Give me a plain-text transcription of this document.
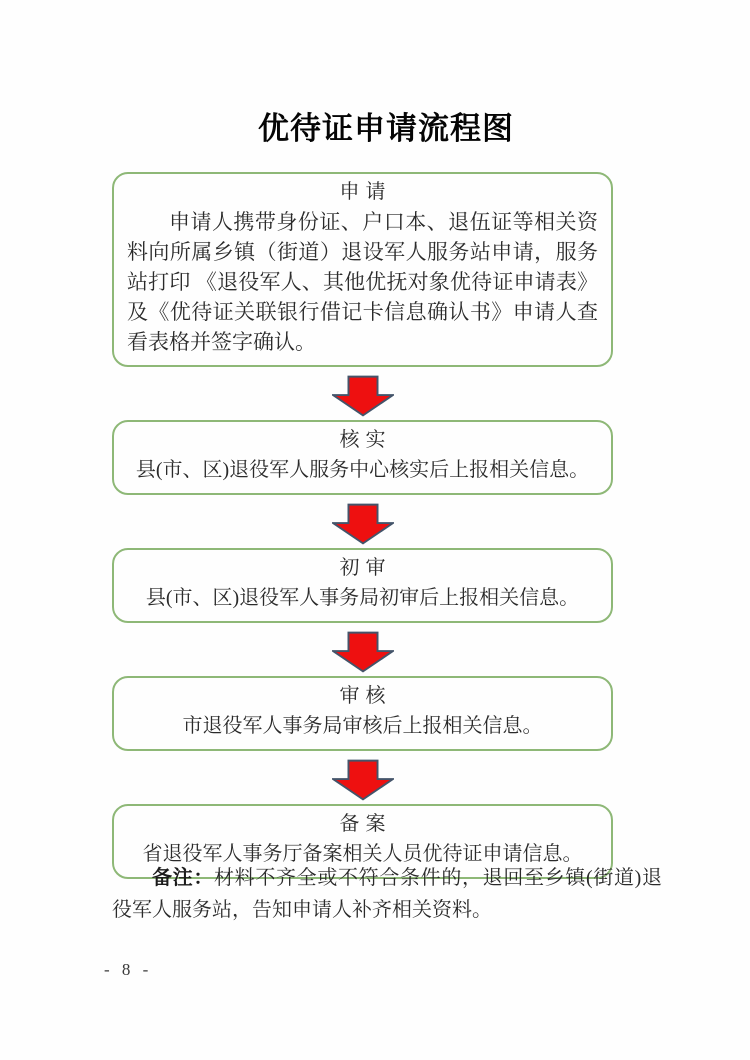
优待证申请流程图
申请

申请人携带身份证、户口本、退伍证等相关资料向所属乡镇（街道）退设军人服务站申请，服务站打印 《退役军人、其他优抚对象优待证申请表》及《优待证关联银行借记卡信息确认书》申请人查看表格并签字确认。

核实

县(市、区)退役军人服务中心核实后上报相关信息。

初审

县(市、区)退役军人事务局初审后上报相关信息。

审核

市退役军人事务局审核后上报相关信息。

备案

省退役军人事务厅备案相关人员优待证申请信息。

备注：材料不齐全或不符合条件的，退回至乡镇(街道)退役军人服务站，告知申请人补齐相关资料。

- 8 -
